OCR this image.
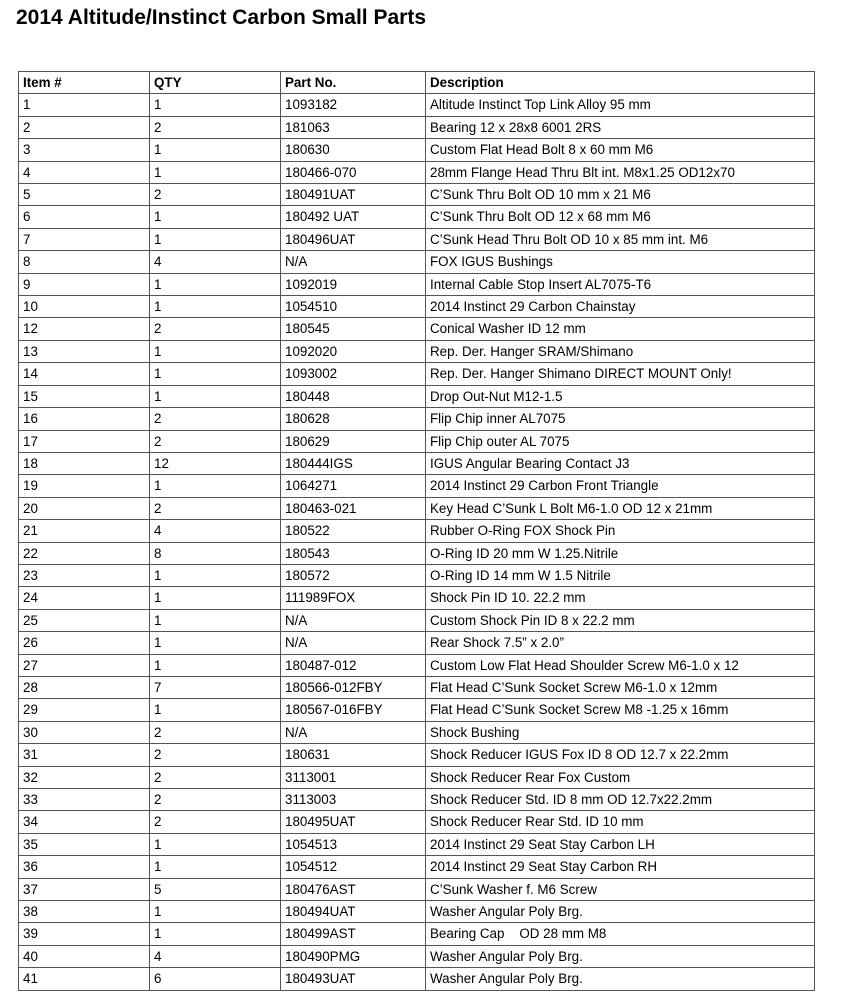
2014 Altitude/Instinct Carbon Small Parts
Item #	QTY	Part No.	Description
1	1	1093182	Altitude Instinct Top Link Alloy 95 mm
2	2	181063	Bearing 12 x 28x8 6001 2RS
3	1	180630	Custom Flat Head Bolt 8 x 60 mm M6
4	1	180466-070	28mm Flange Head Thru Blt int. M8x1.25 OD12x70
5	2	180491UAT	C’Sunk Thru Bolt OD 10 mm x 21 M6
6	1	180492 UAT	C’Sunk Thru Bolt OD 12 x 68 mm M6
7	1	180496UAT	C’Sunk Head Thru Bolt OD 10 x 85 mm int. M6
8	4	N/A	FOX IGUS Bushings
9	1	1092019	Internal Cable Stop Insert AL7075-T6
10	1	1054510	2014 Instinct 29 Carbon Chainstay
12	2	180545	Conical Washer ID 12 mm
13	1	1092020	Rep. Der. Hanger SRAM/Shimano
14	1	1093002	Rep. Der. Hanger Shimano DIRECT MOUNT Only!
15	1	180448	Drop Out-Nut M12-1.5
16	2	180628	Flip Chip inner AL7075
17	2	180629	Flip Chip outer AL 7075
18	12	180444IGS	IGUS Angular Bearing Contact J3
19	1	1064271	2014 Instinct 29 Carbon Front Triangle
20	2	180463-021	Key Head C’Sunk L Bolt M6-1.0 OD 12 x 21mm
21	4	180522	Rubber O-Ring FOX Shock Pin
22	8	180543	O-Ring ID 20 mm W 1.25.Nitrile
23	1	180572	O-Ring ID 14 mm W 1.5 Nitrile
24	1	111989FOX	Shock Pin ID 10. 22.2 mm
25	1	N/A	Custom Shock Pin ID 8 x 22.2 mm
26	1	N/A	Rear Shock 7.5” x 2.0”
27	1	180487-012	Custom Low Flat Head Shoulder Screw M6-1.0 x 12
28	7	180566-012FBY	Flat Head C’Sunk Socket Screw M6-1.0 x 12mm
29	1	180567-016FBY	Flat Head C’Sunk Socket Screw M8 -1.25 x 16mm
30	2	N/A	Shock Bushing
31	2	180631	Shock Reducer IGUS Fox ID 8 OD 12.7 x 22.2mm
32	2	3113001	Shock Reducer Rear Fox Custom
33	2	3113003	Shock Reducer Std. ID 8 mm OD 12.7x22.2mm
34	2	180495UAT	Shock Reducer Rear Std. ID 10 mm
35	1	1054513	2014 Instinct 29 Seat Stay Carbon LH
36	1	1054512	2014 Instinct 29 Seat Stay Carbon RH
37	5	180476AST	C’Sunk Washer f. M6 Screw
38	1	180494UAT	Washer Angular Poly Brg.
39	1	180499AST	Bearing Cap    OD 28 mm M8
40	4	180490PMG	Washer Angular Poly Brg.
41	6	180493UAT	Washer Angular Poly Brg.
